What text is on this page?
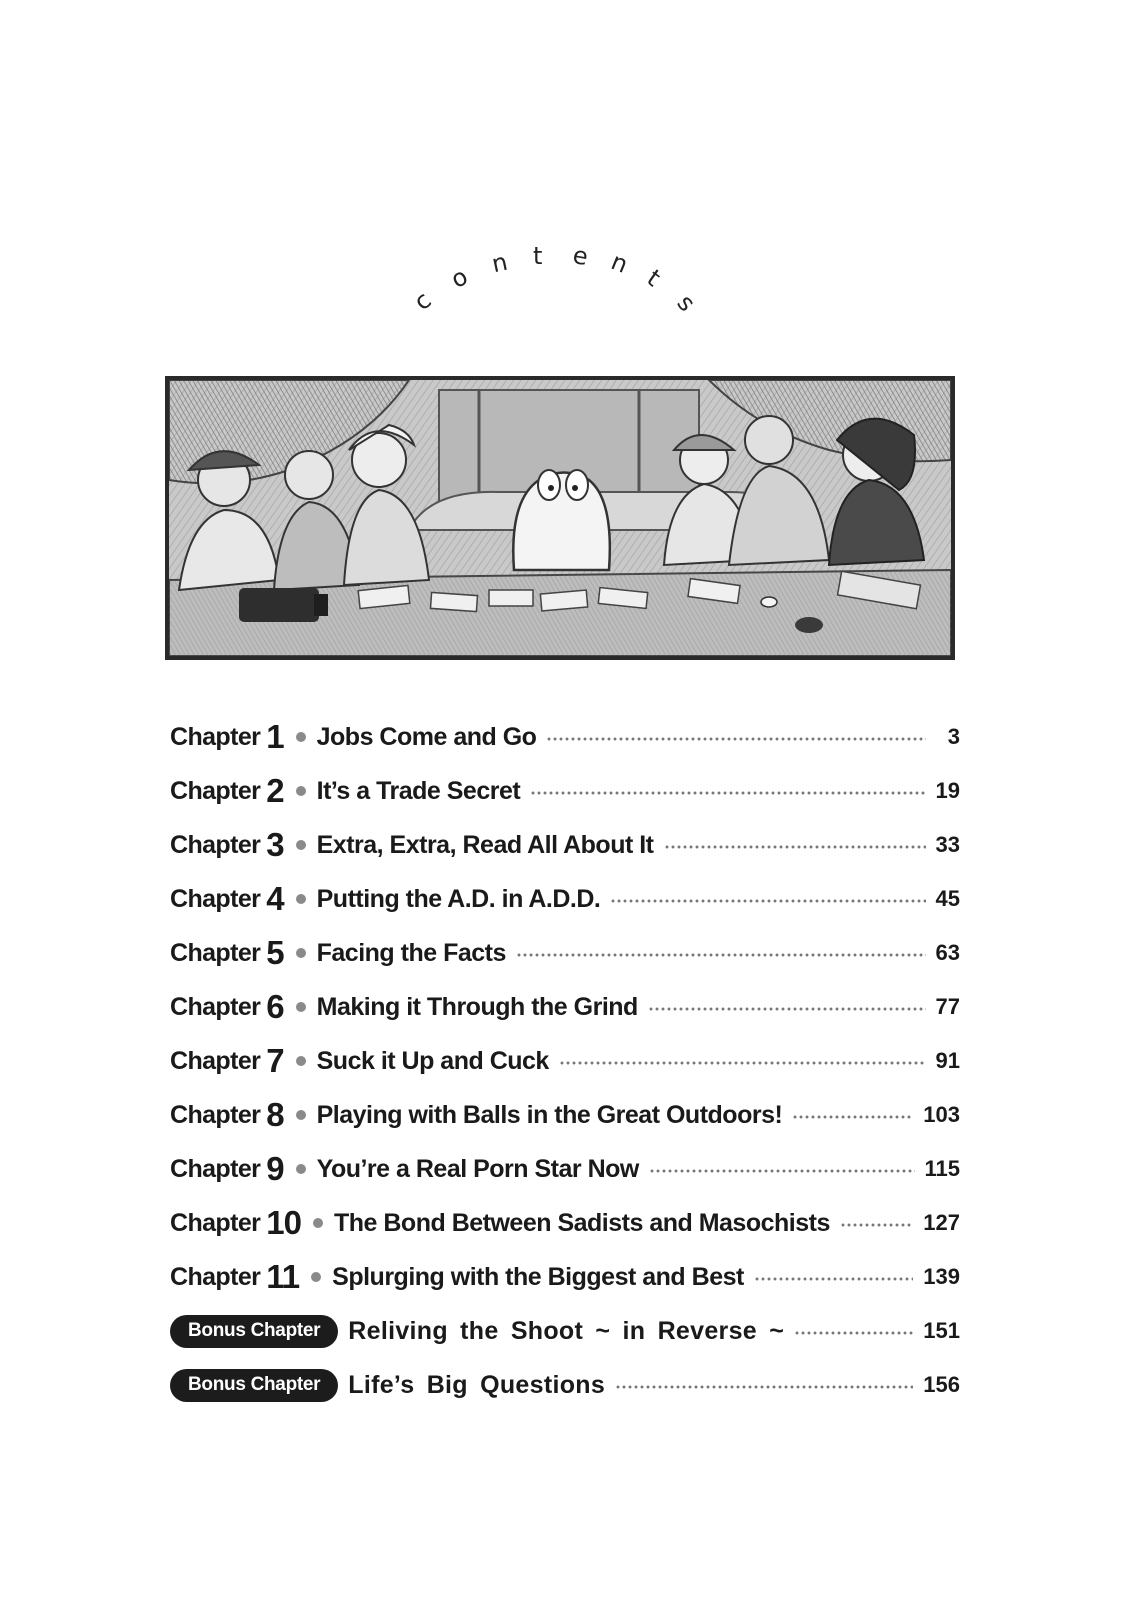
c
o n t e n t
s
Chapter 1 Jobs Come and Go	3
Chapter 2 It’s a Trade Secret	19
Chapter 3 Extra, Extra, Read All About It	33
Chapter 4 Putting the A.D. in A.D.D.	45
Chapter 5 Facing the Facts	63
Chapter 6 Making it Through the Grind	77
Chapter 7 Suck it Up and Cuck	91
Chapter 8 Playing with Balls in the Great Outdoors!	103
Chapter 9 You’re a Real Porn Star Now	115
Chapter 10 The Bond Between Sadists and Masochists	127
Chapter 11 Splurging with the Biggest and Best	139
Bonus Chapter	Reliving the Shoot ~ in Reverse ~	151
Bonus Chapter	Life’s Big Questions	156
